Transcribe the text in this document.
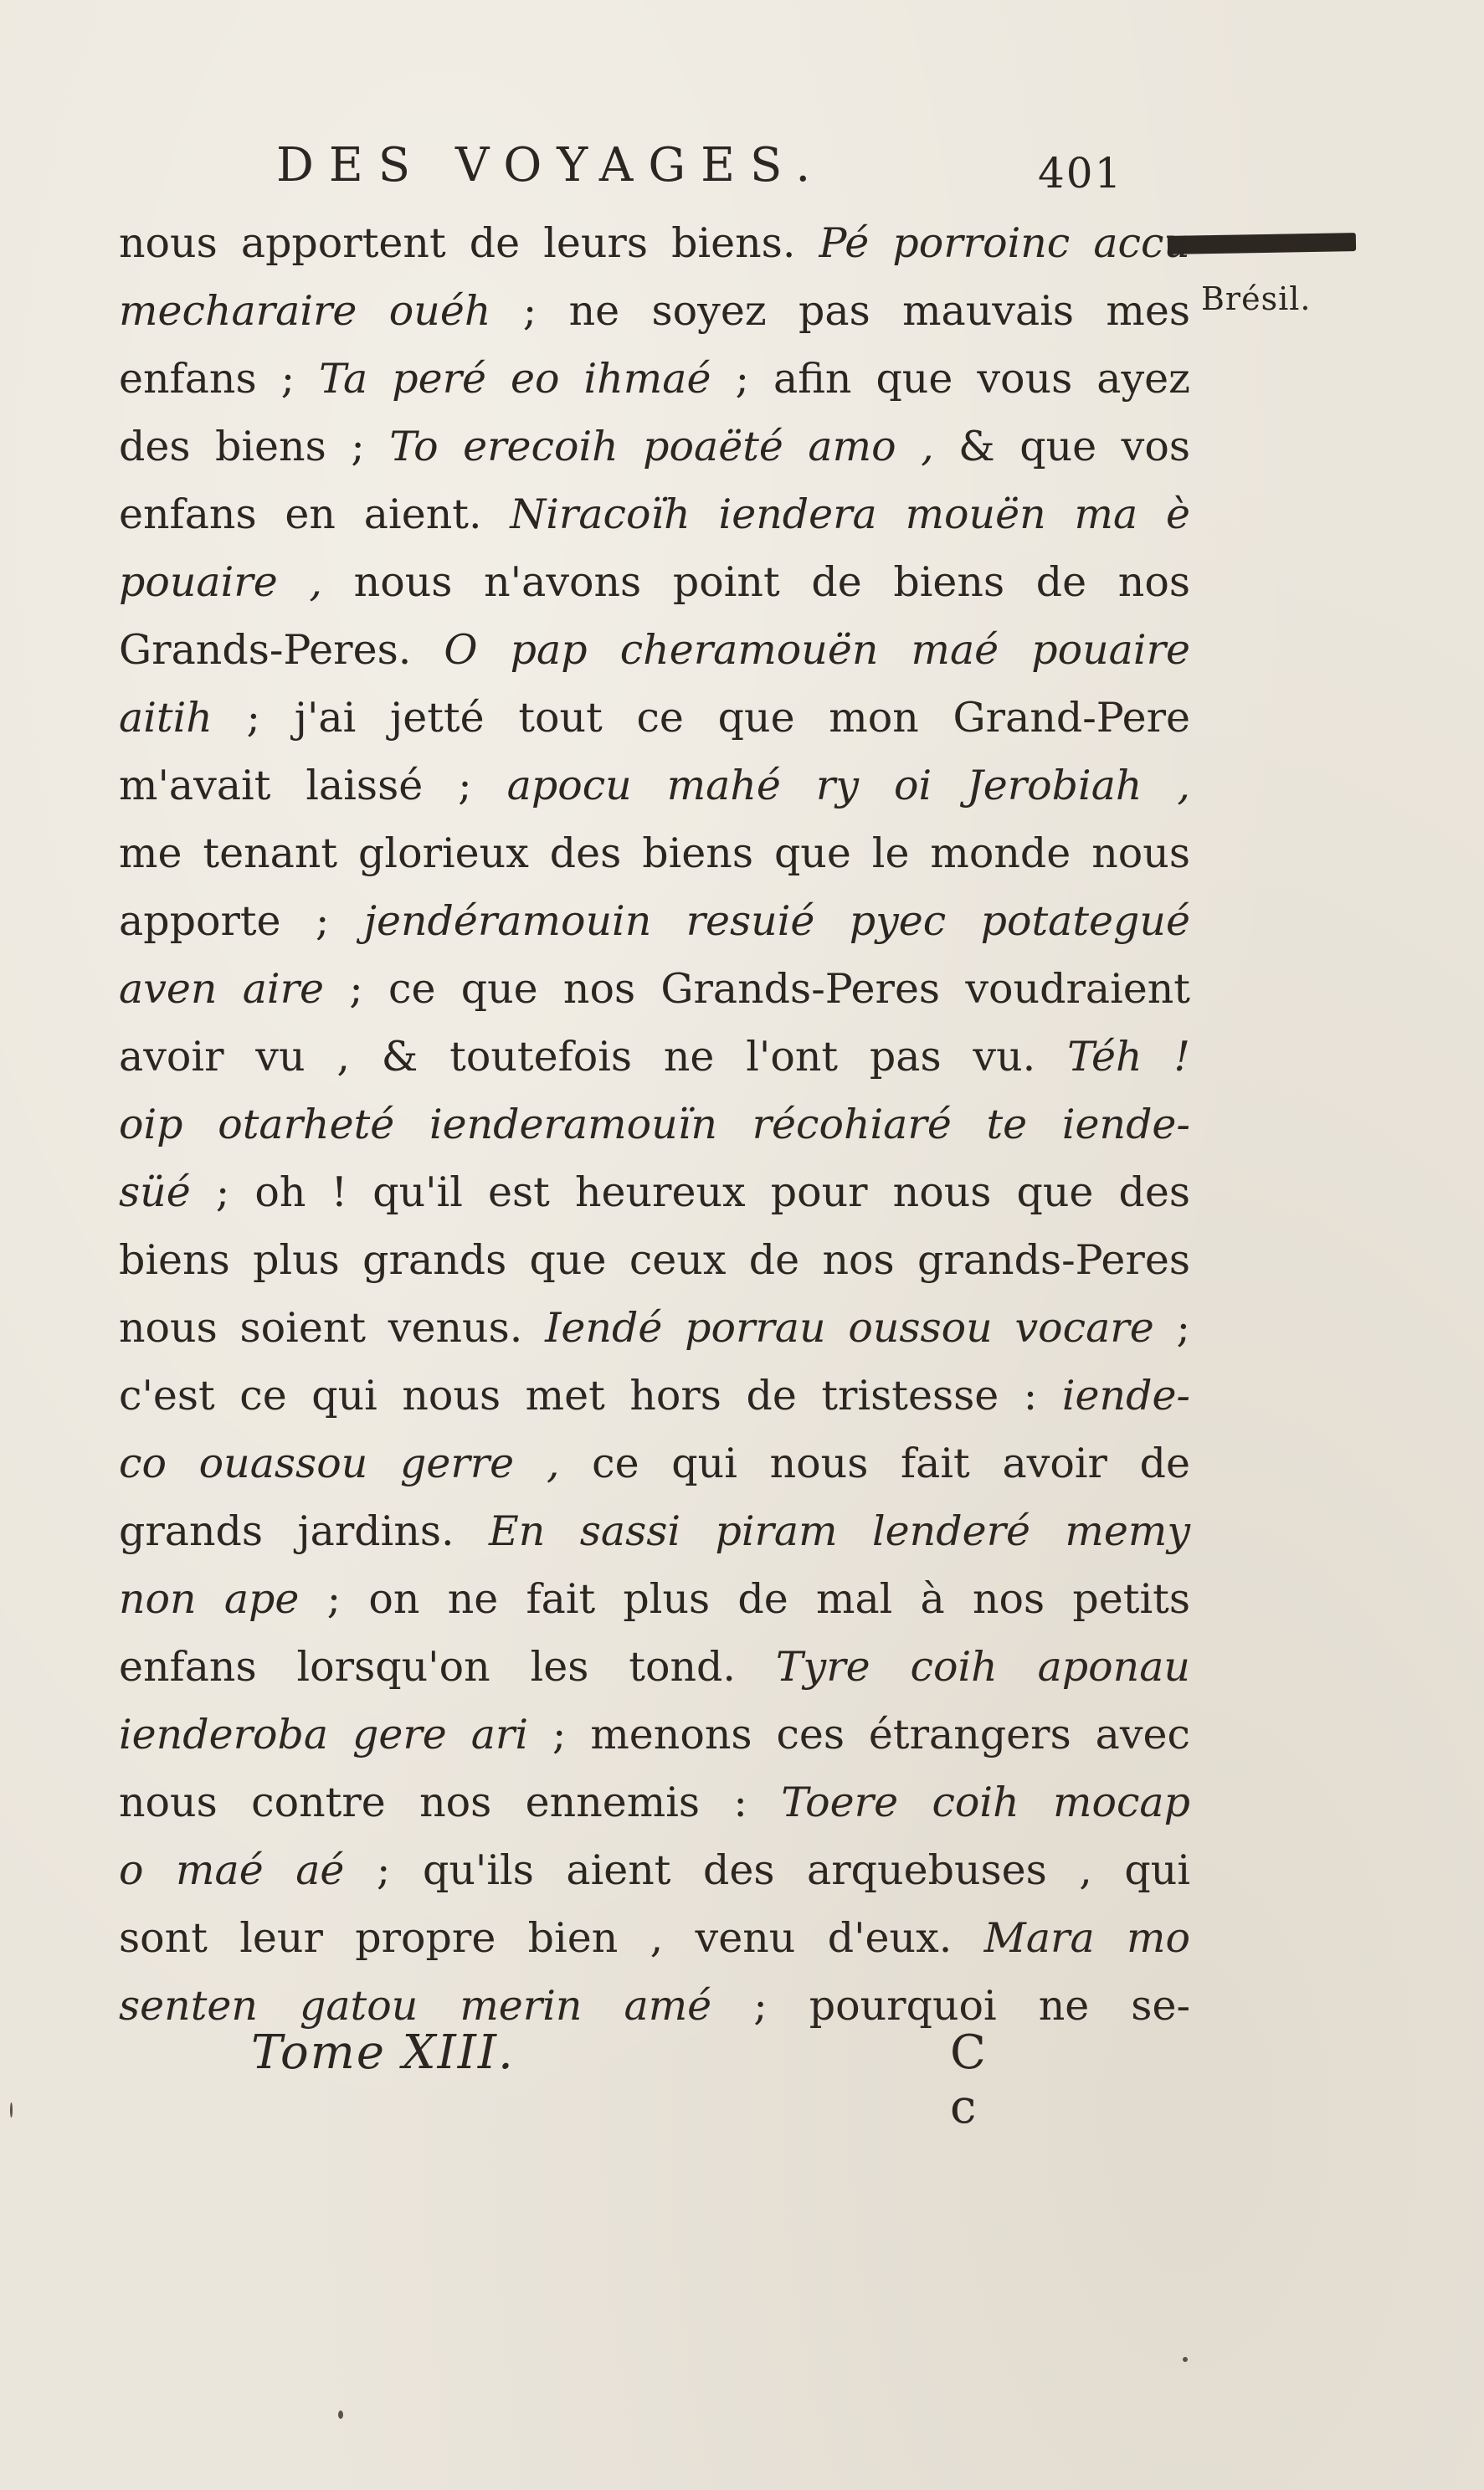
DES VOYAGES.	401
Brésil.
nous apportent de leurs biens. Pé porroinc accu
mecharaire ouéh ; ne soyez pas mauvais mes
enfans ; Ta peré eo ihmaé ; afin que vous ayez
des biens ; To erecoih poaëté amo , & que vos
enfans en aient. Niracoïh iendera mouën ma è
pouaire , nous n'avons point de biens de nos
Grands-Peres. O pap cheramouën maé pouaire
aitih ; j'ai jetté tout ce que mon Grand-Pere
m'avait laissé ; apocu mahé ry oi Jerobiah ,
me tenant glorieux des biens que le monde nous
apporte ; jendéramouin resuié pyec potategué
aven aire ; ce que nos Grands-Peres voudraient
avoir vu , & toutefois ne l'ont pas vu. Téh !
oip otarheté ienderamouïn récohiaré te iende-
süé ; oh ! qu'il est heureux pour nous que des
biens plus grands que ceux de nos grands-Peres
nous soient venus. Iendé porrau oussou vocare ;
c'est ce qui nous met hors de tristesse : iende-
co ouassou gerre , ce qui nous fait avoir de
grands jardins. En sassi piram lenderé memy
non ape ; on ne fait plus de mal à nos petits
enfans lorsqu'on les tond. Tyre coih aponau
ienderoba gere ari ; menons ces étrangers avec
nous contre nos ennemis : Toere coih mocap
o maé aé ; qu'ils aient des arquebuses , qui
sont leur propre bien , venu d'eux. Mara mo
senten gatou merin amé ; pourquoi ne se-
Tome XIII.	C c
